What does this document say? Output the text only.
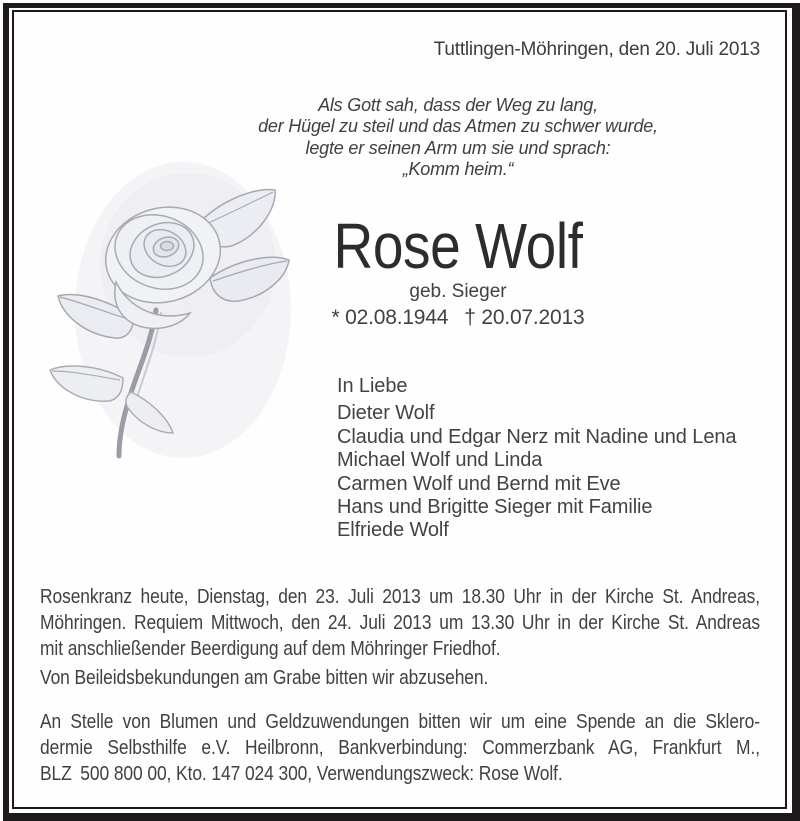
Tuttlingen-Möhringen, den 20. Juli 2013
Als Gott sah, dass der Weg zu lang,
der Hügel zu steil und das Atmen zu schwer wurde,
legte er seinen Arm um sie und sprach:
„Komm heim.“
Rose Wolf
geb. Sieger
* 02.08.1944 † 20.07.2013
In Liebe
Dieter Wolf
Claudia und Edgar Nerz mit Nadine und Lena
Michael Wolf und Linda
Carmen Wolf und Bernd mit Eve
Hans und Brigitte Sieger mit Familie
Elfriede Wolf
Rosenkranz heute, Dienstag, den 23. Juli 2013 um 18.30 Uhr in der Kirche St. Andreas,
Möhringen. Requiem Mittwoch, den 24. Juli 2013 um 13.30 Uhr in der Kirche St. Andreas
mit anschließender Beerdigung auf dem Möhringer Friedhof.
Von Beileidsbekundungen am Grabe bitten wir abzusehen.
An Stelle von Blumen und Geldzuwendungen bitten wir um eine Spende an die Sklero-
dermie Selbsthilfe e.V. Heilbronn, Bankverbindung: Commerzbank AG, Frankfurt M.,
BLZ 500 800 00, Kto. 147 024 300, Verwendungszweck: Rose Wolf.
